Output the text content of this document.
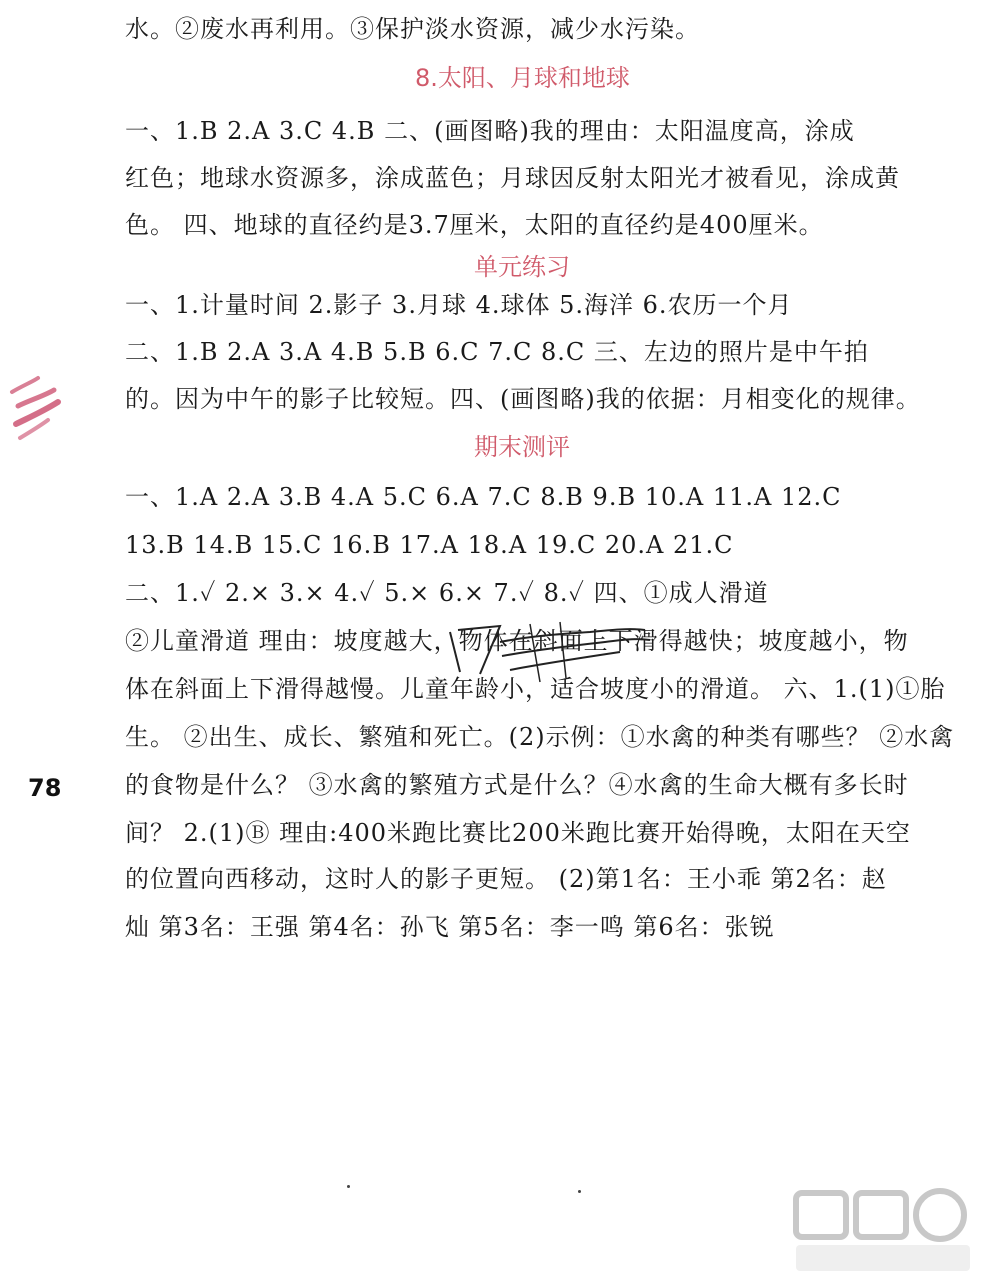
水。②废水再利用。③保护淡水资源，减少水污染。
8.太阳、月球和地球
一、1.B 2.A 3.C 4.B 二、(画图略)我的理由：太阳温度高，涂成
红色；地球水资源多，涂成蓝色；月球因反射太阳光才被看见，涂成黄
色。 四、地球的直径约是3.7厘米，太阳的直径约是400厘米。
单元练习
一、1.计量时间 2.影子 3.月球 4.球体 5.海洋 6.农历一个月
二、1.B 2.A 3.A 4.B 5.B 6.C 7.C 8.C 三、左边的照片是中午拍
的。因为中午的影子比较短。四、(画图略)我的依据：月相变化的规律。
期末测评
一、1.A 2.A 3.B 4.A 5.C 6.A 7.C 8.B 9.B 10.A 11.A 12.C
13.B 14.B 15.C 16.B 17.A 18.A 19.C 20.A 21.C
二、1.✓ 2.× 3.× 4.✓ 5.× 6.× 7.✓ 8.✓ 四、①成人滑道
②儿童滑道 理由：坡度越大，物体在斜面上下滑得越快；坡度越小，物
体在斜面上下滑得越慢。儿童年龄小，适合坡度小的滑道。 六、1.(1)①胎
生。 ②出生、成长、繁殖和死亡。(2)示例：①水禽的种类有哪些？ ②水禽
的食物是什么？ ③水禽的繁殖方式是什么？④水禽的生命大概有多长时
间？ 2.(1)Ⓑ 理由:400米跑比赛比200米跑比赛开始得晚，太阳在天空
的位置向西移动，这时人的影子更短。 (2)第1名：王小乖 第2名：赵
灿 第3名：王强 第4名：孙飞 第5名：李一鸣 第6名：张锐
78
